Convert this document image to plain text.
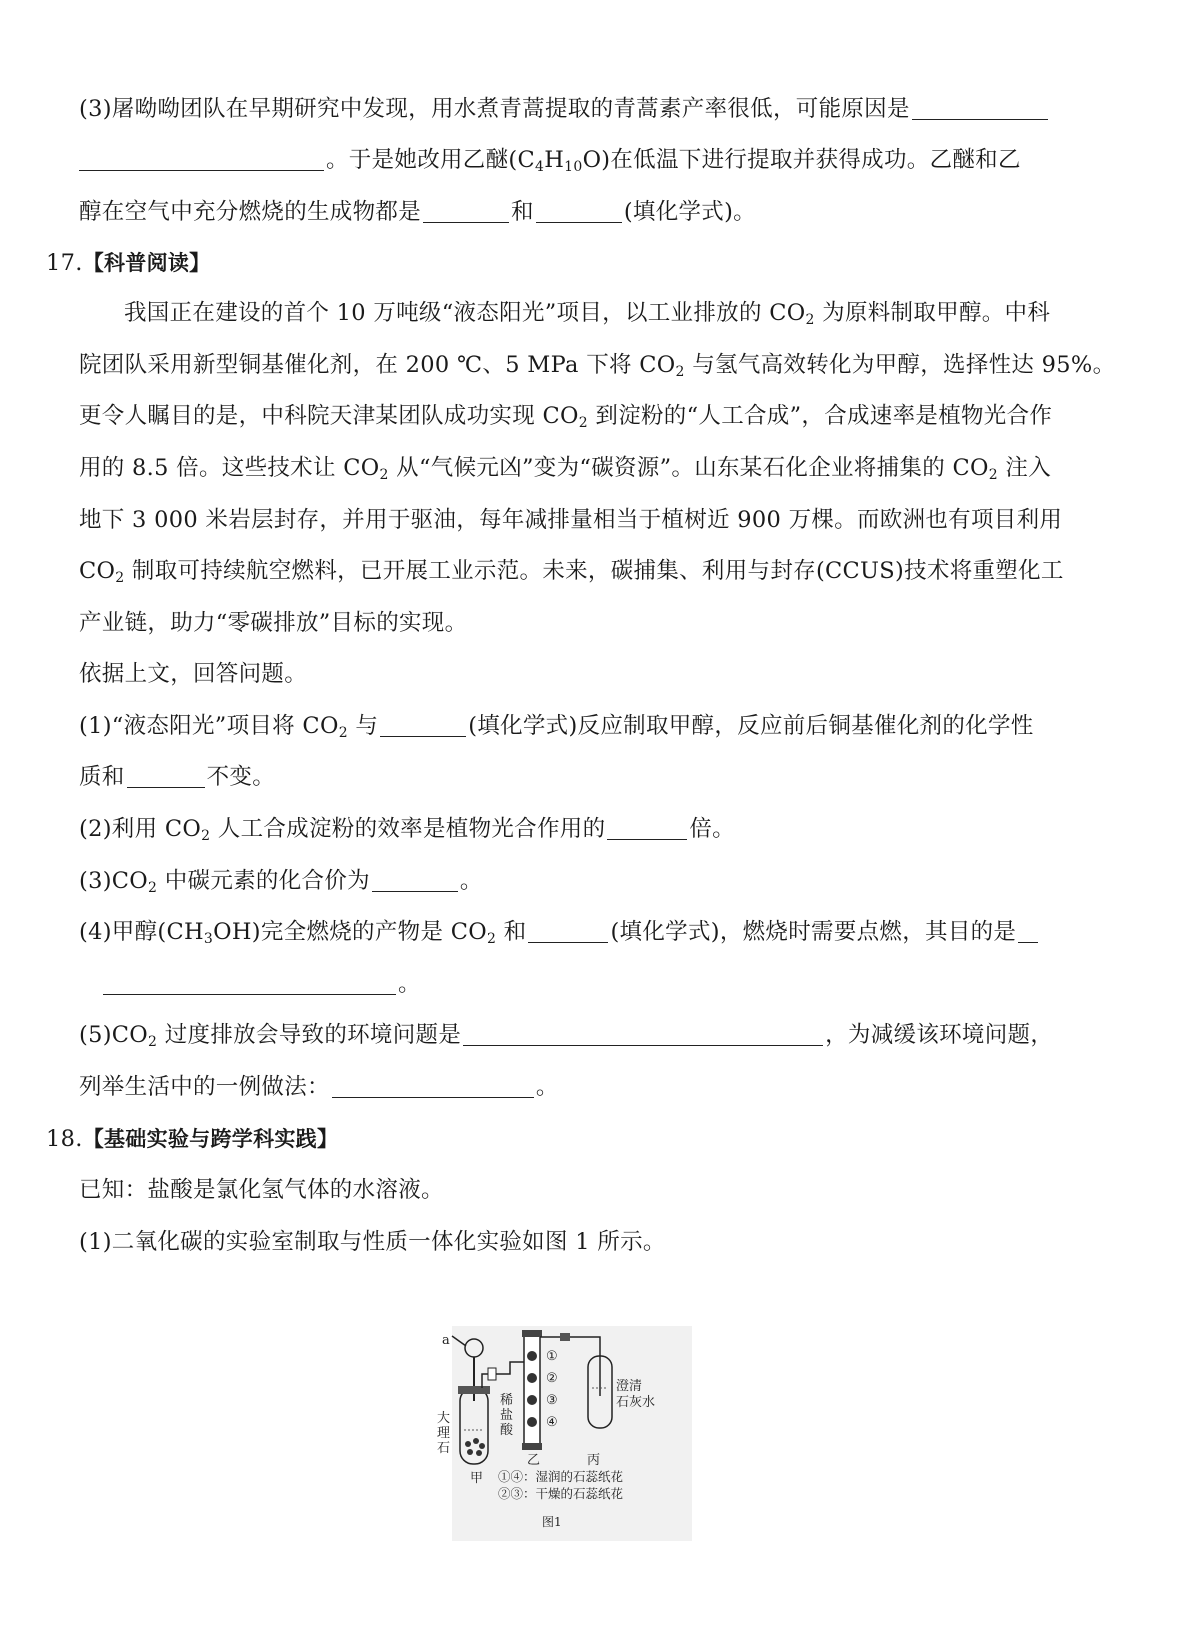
(3)屠呦呦团队在早期研究中发现，用水煮青蒿提取的青蒿素产率很低，可能原因是
。于是她改用乙醚$(C_4H_{10}O)$在低温下进行提取并获得成功。乙醚和乙
醇在空气中充分燃烧的生成物都是	和	(填化学式)。
17.【科普阅读】
我国正在建设的首个 10 万吨级“液态阳光”项目，以工业排放的 $CO_2$ 为原料制取甲醇。中科
院团队采用新型铜基催化剂，在 200 ℃、5 MPa 下将 $CO_2$ 与氢气高效转化为甲醇，选择性达 95%。
更令人瞩目的是，中科院天津某团队成功实现 $CO_2$ 到淀粉的“人工合成”，合成速率是植物光合作
用的 8.5 倍。这些技术让 $CO_2$ 从“气候元凶”变为“碳资源”。山东某石化企业将捕集的 $CO_2$ 注入
地下 3 000 米岩层封存，并用于驱油，每年减排量相当于植树近 900 万棵。而欧洲也有项目利用
$CO_2$ 制取可持续航空燃料，已开展工业示范。未来，碳捕集、利用与封存(CCUS)技术将重塑化工
产业链，助力“零碳排放”目标的实现。
依据上文，回答问题。
(1)“液态阳光”项目将 $CO_2$ 与	(填化学式)反应制取甲醇，反应前后铜基催化剂的化学性
质和	不变。
(2)利用 $CO_2$ 人工合成淀粉的效率是植物光合作用的	倍。
$(3)CO_2$ 中碳元素的化合价为	。
(4)甲醇$(CH_3OH)$完全燃烧的产物是 $CO_2$ 和	(填化学式)，燃烧时需要点燃，其目的是
。
$(5)CO_2$ 过度排放会导致的环境问题是	，为减缓该环境问题，
列举生活中的一例做法：	。
18.【基础实验与跨学科实践】
已知：盐酸是氯化氢气体的水溶液。
(1)二氧化碳的实验室制取与性质一体化实验如图 1 所示。
a
①
②
③
④
稀
盐
酸
大
理
石
澄清
石灰水
乙	丙
甲 ①④：湿润的石蕊纸花
②③：干燥的石蕊纸花
图1
